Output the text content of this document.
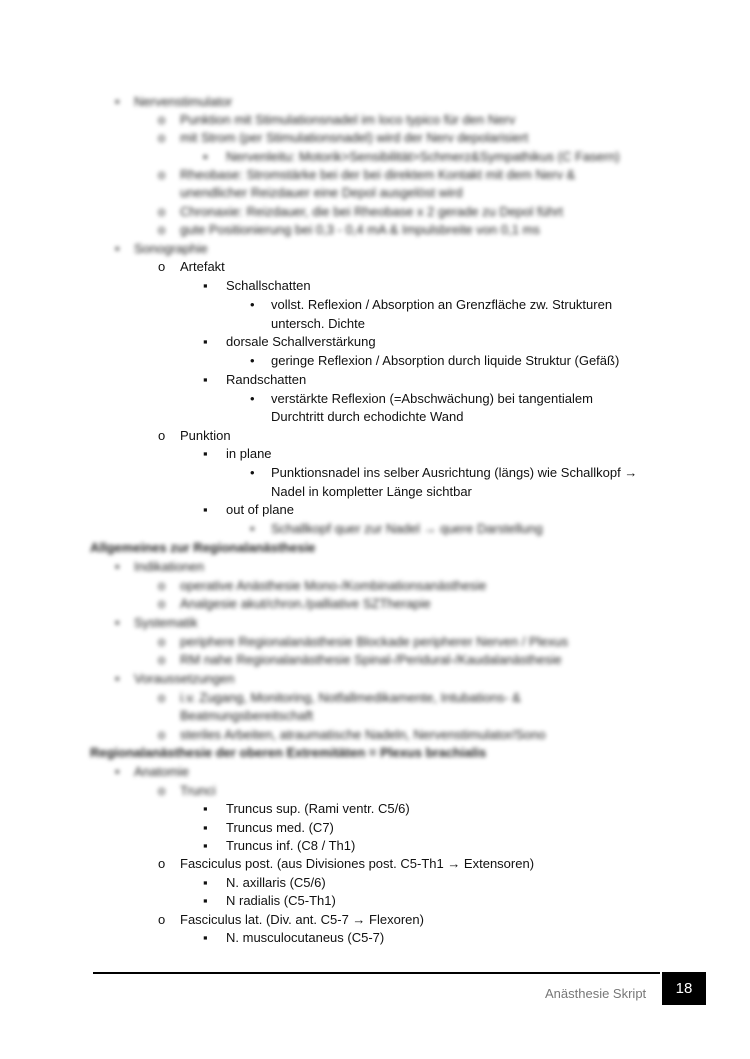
• Nervenstimulator
o Punktion mit Stimulationsnadel im loco typico für den Nerv
o mit Strom (per Stimulationsnadel) wird der Nerv depolarisiert
▪ Nervenleitu: Motorik>Sensibilität>Schmerz&Sympathikus (C Fasern)
o Rheobase: Stromstärke bei der bei direktem Kontakt mit dem Nerv &
unendlicher Reizdauer eine Depol ausgelöst wird
o Chronaxie: Reizdauer, die bei Rheobase x 2 gerade zu Depol führt
o gute Positionierung bei 0,3 - 0,4 mA & Impulsbreite von 0,1 ms
• Sonographie
o Artefakt
▪ Schallschatten
• vollst. Reflexion / Absorption an Grenzfläche zw. Strukturen
untersch. Dichte
▪ dorsale Schallverstärkung
• geringe Reflexion / Absorption durch liquide Struktur (Gefäß)
▪ Randschatten
• verstärkte Reflexion (=Abschwächung) bei tangentialem
Durchtritt durch echodichte Wand
o Punktion
▪ in plane
• Punktionsnadel ins selber Ausrichtung (längs) wie Schallkopf →
Nadel in kompletter Länge sichtbar
▪ out of plane
• Schallkopf quer zur Nadel → quere Darstellung
Allgemeines zur Regionalanästhesie
• Indikationen
o operative Anästhesie Mono-/Kombinationsanästhesie
o Analgesie akut/chron./palliative SZTherapie
• Systematik
o periphere Regionalanästhesie Blockade peripherer Nerven / Plexus
o RM nahe Regionalanästhesie Spinal-/Peridural-/Kaudalanästhesie
• Voraussetzungen
o i.v. Zugang, Monitoring, Notfallmedikamente, Intubations- &
Beatmungsbereitschaft
o steriles Arbeiten, atraumatische Nadeln, Nervenstimulator/Sono
Regionalanästhesie der oberen Extremitäten = Plexus brachialis
• Anatomie
o Trunci
▪ Truncus sup. (Rami ventr. C5/6)
▪ Truncus med. (C7)
▪ Truncus inf. (C8 / Th1)
o Fasciculus post. (aus Divisiones post. C5-Th1 → Extensoren)
▪ N. axillaris (C5/6)
▪ N radialis (C5-Th1)
o Fasciculus lat. (Div. ant. C5-7 → Flexoren)
▪ N. musculocutaneus (C5-7)
Anästhesie Skript	18
